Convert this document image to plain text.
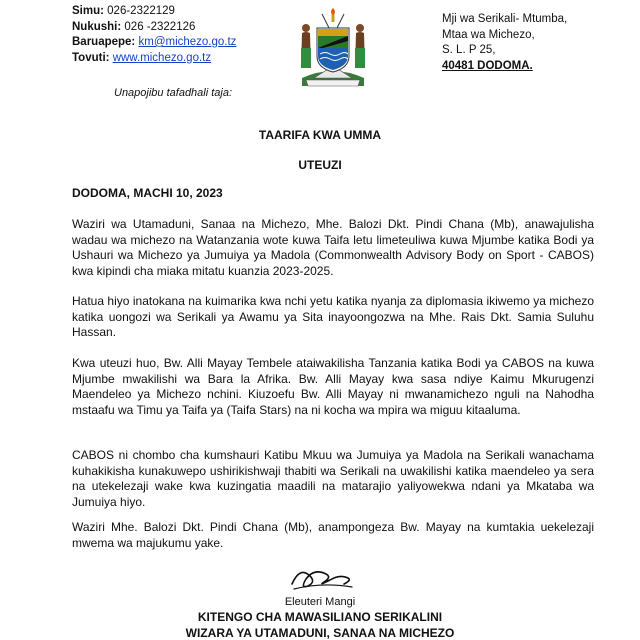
Simu: 026-2322129
Nukushi: 026 -2322126
Baruapepe: km@michezo.go.tz
Tovuti: www.michezo.go.tz
Mji wa Serikali- Mtumba,
Mtaa wa Michezo,
S. L. P 25,
40481 DODOMA.
Unapojibu tafadhali taja:
TAARIFA KWA UMMA
UTEUZI
DODOMA, MACHI 10, 2023
Waziri wa Utamaduni, Sanaa na Michezo, Mhe. Balozi Dkt. Pindi Chana (Mb), anawajulisha wadau wa michezo na Watanzania wote kuwa Taifa letu limeteuliwa kuwa Mjumbe katika Bodi ya Ushauri wa Michezo ya Jumuiya ya Madola (Commonwealth Advisory Body on Sport - CABOS) kwa kipindi cha miaka mitatu kuanzia 2023-2025.
Hatua hiyo inatokana na kuimarika kwa nchi yetu katika nyanja za diplomasia ikiwemo ya michezo katika uongozi wa Serikali ya Awamu ya Sita inayoongozwa na Mhe. Rais Dkt. Samia Suluhu Hassan.
Kwa uteuzi huo, Bw. Alli Mayay Tembele ataiwakilisha Tanzania katika Bodi ya CABOS na kuwa Mjumbe mwakilishi wa Bara la Afrika. Bw. Alli Mayay kwa sasa ndiye Kaimu Mkurugenzi Maendeleo ya Michezo nchini. Kiuzoefu Bw. Alli Mayay ni mwanamichezo nguli na Nahodha mstaafu wa Timu ya Taifa ya (Taifa Stars) na ni kocha wa mpira wa miguu kitaaluma.
CABOS ni chombo cha kumshauri Katibu Mkuu wa Jumuiya ya Madola na Serikali wanachama kuhakikisha kunakuwepo ushirikishwaji thabiti wa Serikali na uwakilishi katika maendeleo ya sera na utekelezaji wake kwa kuzingatia maadili na matarajio yaliyowekwa ndani ya Mkataba wa Jumuiya hiyo.
Waziri Mhe. Balozi Dkt. Pindi Chana (Mb), anampongeza Bw. Mayay na kumtakia uekelezaji mwema wa majukumu yake.
Eleuteri Mangi
KITENGO CHA MAWASILIANO SERIKALINI
WIZARA YA UTAMADUNI, SANAA NA MICHEZO
